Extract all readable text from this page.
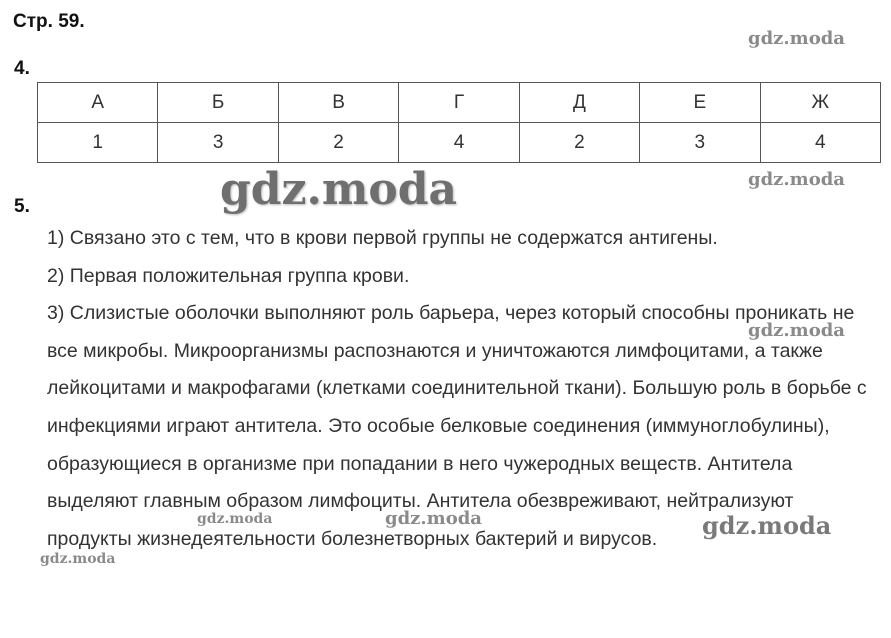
Стр. 59.
4.
А	Б	В	Г	Д	Е	Ж
1	3	2	4	2	3	4
5.

1) Связано это с тем, что в крови первой группы не содержатся антигены.

2) Первая положительная группа крови.

3) Слизистые оболочки выполняют роль барьера, через который способны проникать не все микробы. Микроорганизмы распознаются и уничтожаются лимфоцитами, а также лейкоцитами и макрофагами (клетками соединительной ткани). Большую роль в борьбе с инфекциями играют антитела. Это особые белковые соединения (иммуноглобулины), образующиеся в организме при попадании в него чужеродных веществ. Антитела выделяют главным образом лимфоциты. Антитела обезвреживают, нейтрализуют продукты жизнедеятельности болезнетворных бактерий и вирусов.

gdz.moda
gdz.moda	gdz.moda
gdz.moda
gdz.moda	gdz.moda	gdz.moda
gdz.moda
